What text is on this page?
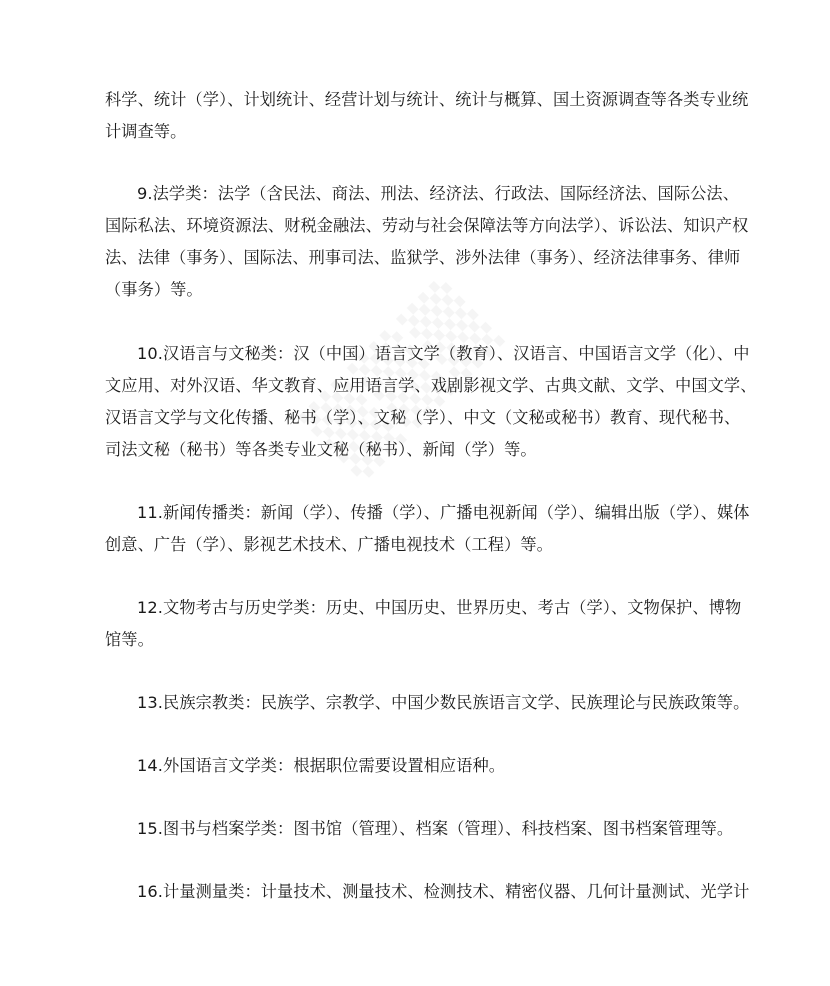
科学、统计（学）、计划统计、经营计划与统计、统计与概算、国土资源调查等各类专业统
计调查等。

9.法学类：法学（含民法、商法、刑法、经济法、行政法、国际经济法、国际公法、
国际私法、环境资源法、财税金融法、劳动与社会保障法等方向法学）、诉讼法、知识产权
法、法律（事务）、国际法、刑事司法、监狱学、涉外法律（事务）、经济法律事务、律师
（事务）等。

10.汉语言与文秘类：汉（中国）语言文学（教育）、汉语言、中国语言文学（化）、中
文应用、对外汉语、华文教育、应用语言学、戏剧影视文学、古典文献、文学、中国文学、
汉语言文学与文化传播、秘书（学）、文秘（学）、中文（文秘或秘书）教育、现代秘书、
司法文秘（秘书）等各类专业文秘（秘书）、新闻（学）等。

11.新闻传播类：新闻（学）、传播（学）、广播电视新闻（学）、编辑出版（学）、媒体
创意、广告（学）、影视艺术技术、广播电视技术（工程）等。

12.文物考古与历史学类：历史、中国历史、世界历史、考古（学）、文物保护、博物
馆等。

13.民族宗教类：民族学、宗教学、中国少数民族语言文学、民族理论与民族政策等。

14.外国语言文学类：根据职位需要设置相应语种。

15.图书与档案学类：图书馆（管理）、档案（管理）、科技档案、图书档案管理等。

16.计量测量类：计量技术、测量技术、检测技术、精密仪器、几何计量测试、光学计
